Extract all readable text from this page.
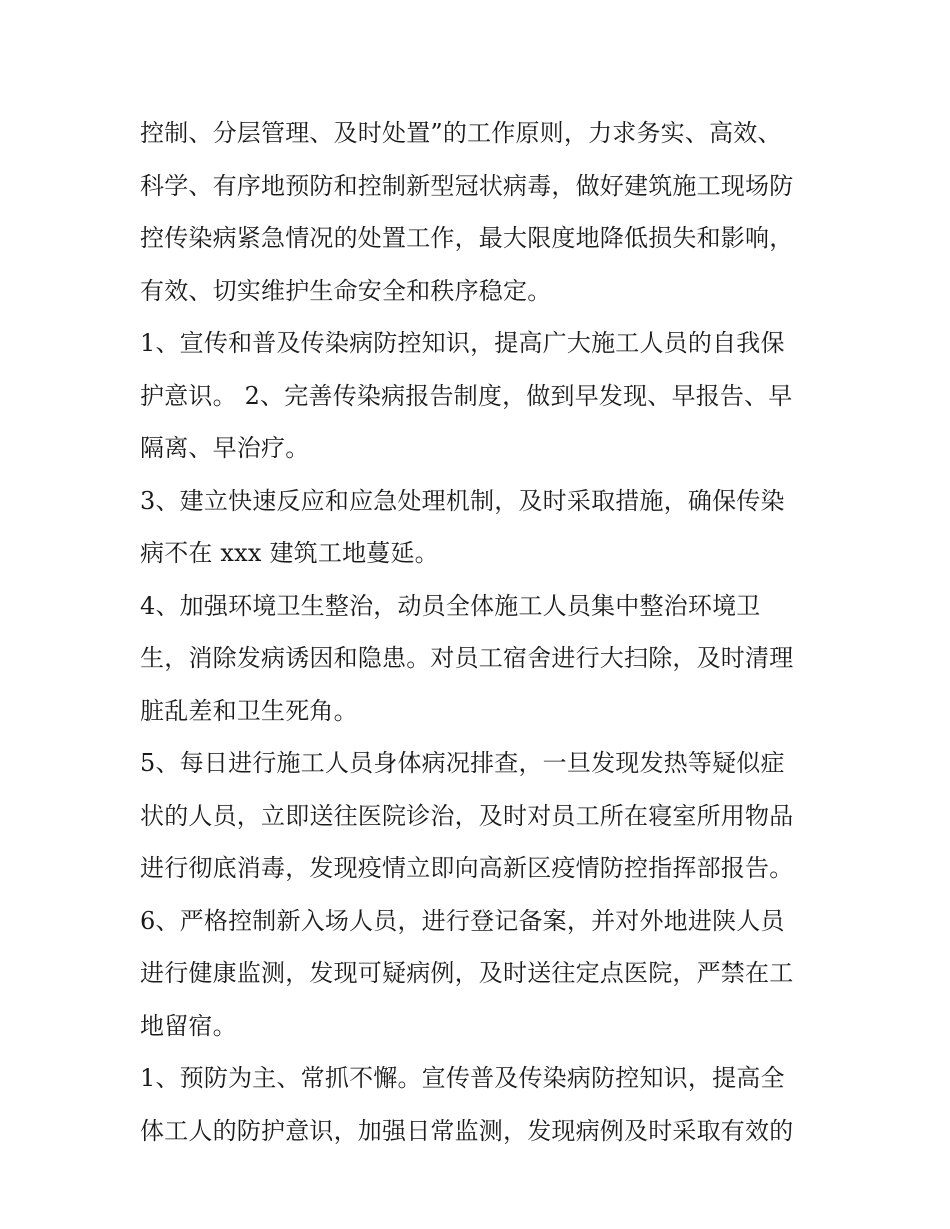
控制、分层管理、及时处置”的工作原则，力求务实、高效、
科学、有序地预防和控制新型冠状病毒，做好建筑施工现场防
控传染病紧急情况的处置工作，最大限度地降低损失和影响，
有效、切实维护生命安全和秩序稳定。
1、宣传和普及传染病防控知识，提高广大施工人员的自我保
护意识。 2、完善传染病报告制度，做到早发现、早报告、早
隔离、早治疗。
3、建立快速反应和应急处理机制，及时采取措施，确保传染
病不在 xxx 建筑工地蔓延。
4、加强环境卫生整治，动员全体施工人员集中整治环境卫
生，消除发病诱因和隐患。对员工宿舍进行大扫除，及时清理
脏乱差和卫生死角。
5、每日进行施工人员身体病况排查，一旦发现发热等疑似症
状的人员，立即送往医院诊治，及时对员工所在寝室所用物品
进行彻底消毒，发现疫情立即向高新区疫情防控指挥部报告。
6、严格控制新入场人员，进行登记备案，并对外地进陕人员
进行健康监测，发现可疑病例，及时送往定点医院，严禁在工
地留宿。
1、预防为主、常抓不懈。宣传普及传染病防控知识，提高全
体工人的防护意识，加强日常监测，发现病例及时采取有效的
